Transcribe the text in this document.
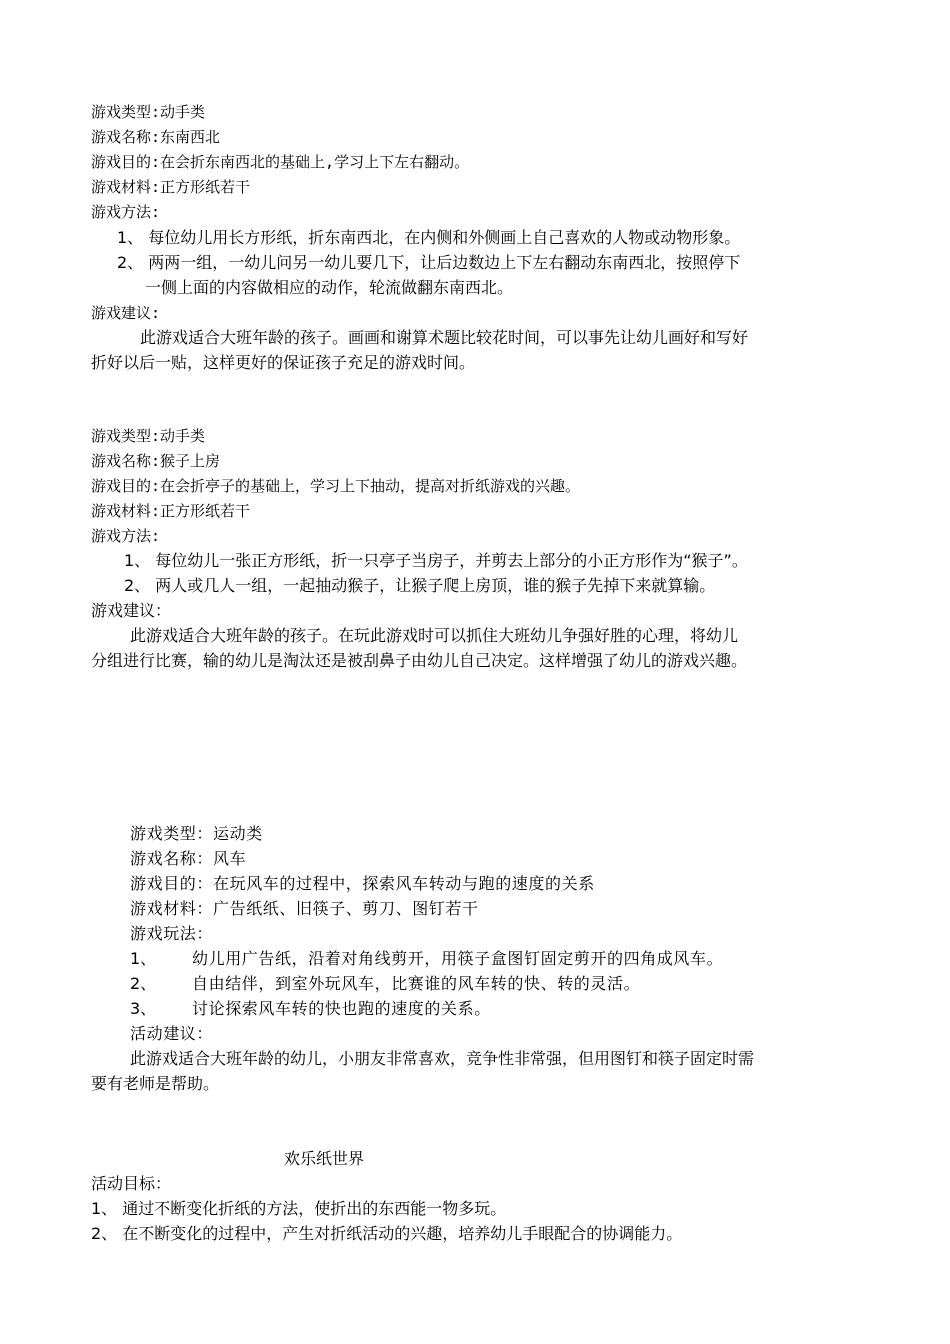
游戏类型:动手类
游戏名称:东南西北
游戏目的:在会折东南西北的基础上,学习上下左右翻动。
游戏材料:正方形纸若干
游戏方法:
1、 每位幼儿用长方形纸，折东南西北，在内侧和外侧画上自己喜欢的人物或动物形象。
2、 两两一组，一幼儿问另一幼儿要几下，让后边数边上下左右翻动东南西北，按照停下
一侧上面的内容做相应的动作，轮流做翻东南西北。
游戏建议:
此游戏适合大班年龄的孩子。画画和谢算术题比较花时间，可以事先让幼儿画好和写好
折好以后一贴，这样更好的保证孩子充足的游戏时间。
游戏类型:动手类
游戏名称:猴子上房
游戏目的:在会折亭子的基础上，学习上下抽动，提高对折纸游戏的兴趣。
游戏材料:正方形纸若干
游戏方法:
1、 每位幼儿一张正方形纸，折一只亭子当房子，并剪去上部分的小正方形作为“猴子”。
2、 两人或几人一组，一起抽动猴子，让猴子爬上房顶，谁的猴子先掉下来就算输。
游戏建议：
此游戏适合大班年龄的孩子。在玩此游戏时可以抓住大班幼儿争强好胜的心理，将幼儿
分组进行比赛，输的幼儿是淘汰还是被刮鼻子由幼儿自己决定。这样增强了幼儿的游戏兴趣。
游戏类型：运动类
游戏名称：风车
游戏目的：在玩风车的过程中，探索风车转动与跑的速度的关系
游戏材料：广告纸纸、旧筷子、剪刀、图钉若干
游戏玩法：
1、 幼儿用广告纸，沿着对角线剪开，用筷子盒图钉固定剪开的四角成风车。
2、 自由结伴，到室外玩风车，比赛谁的风车转的快、转的灵活。
3、 讨论探索风车转的快也跑的速度的关系。
活动建议：
此游戏适合大班年龄的幼儿，小朋友非常喜欢，竞争性非常强，但用图钉和筷子固定时需
要有老师是帮助。
欢乐纸世界
活动目标：
1、 通过不断变化折纸的方法，使折出的东西能一物多玩。
2、 在不断变化的过程中，产生对折纸活动的兴趣，培养幼儿手眼配合的协调能力。
